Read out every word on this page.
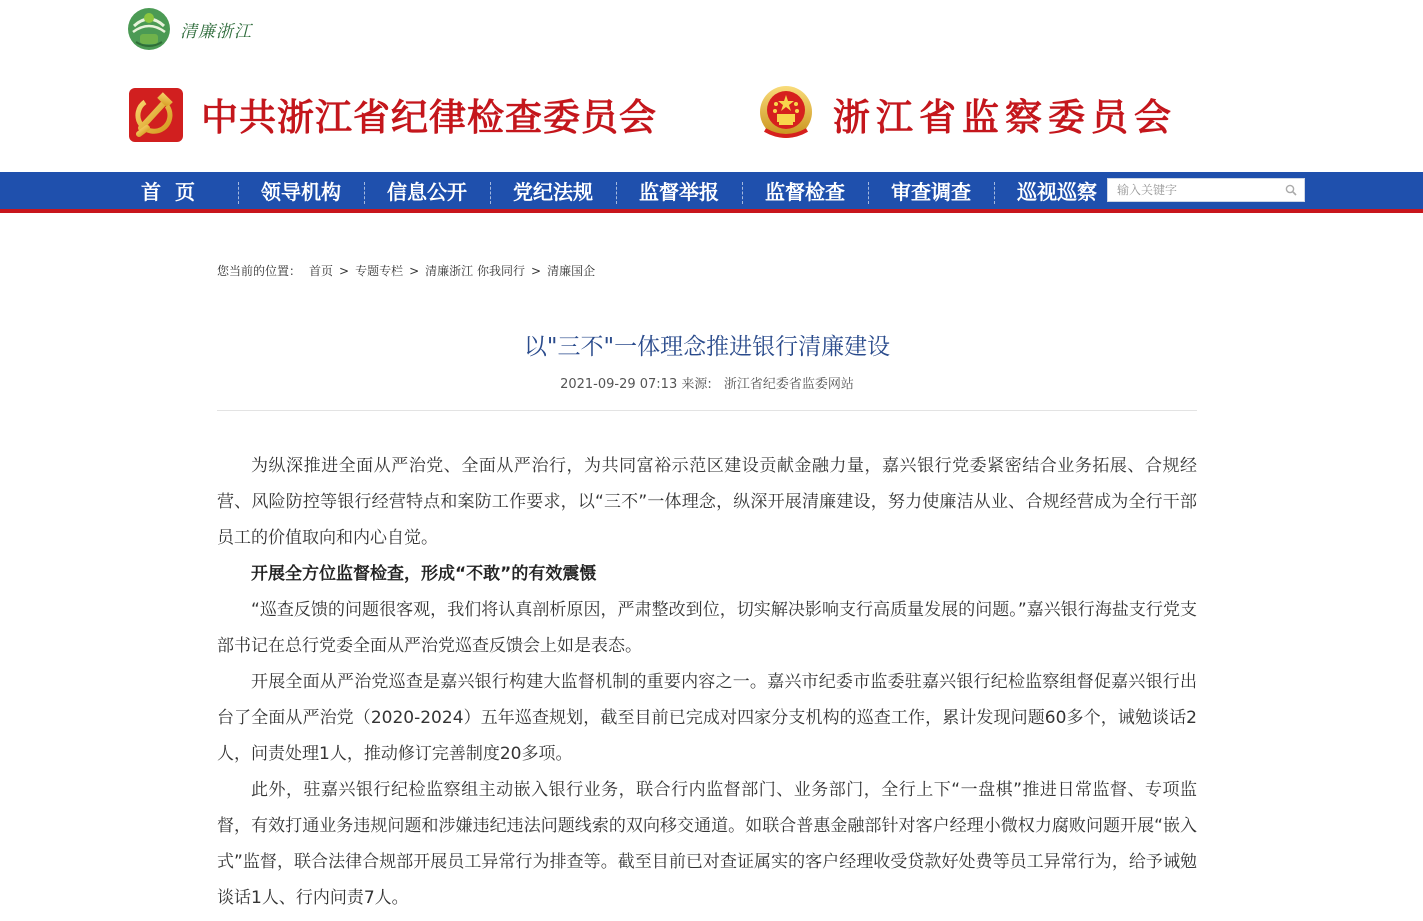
清廉浙江
中共浙江省纪律检查委员会	浙江省监察委员会
首页	领导机构	信息公开	党纪法规	监督举报	监督检查	审查调查	巡视巡察
输入关键字
您当前的位置： 首页 > 专题专栏 > 清廉浙江 你我同行 > 清廉国企
以"三不"一体理念推进银行清廉建设
2021-09-29 07:13 来源: 浙江省纪委省监委网站

为纵深推进全面从严治党、全面从严治行，为共同富裕示范区建设贡献金融力量，嘉兴银行党委紧密结合业务拓展、合规经营、风险防控等银行经营特点和案防工作要求，以“三不”一体理念，纵深开展清廉建设，努力使廉洁从业、合规经营成为全行干部员工的价值取向和内心自觉。

开展全方位监督检查，形成“不敢”的有效震慑

“巡查反馈的问题很客观，我们将认真剖析原因，严肃整改到位，切实解决影响支行高质量发展的问题。”嘉兴银行海盐支行党支部书记在总行党委全面从严治党巡查反馈会上如是表态。

开展全面从严治党巡查是嘉兴银行构建大监督机制的重要内容之一。嘉兴市纪委市监委驻嘉兴银行纪检监察组督促嘉兴银行出台了全面从严治党（2020-2024）五年巡查规划，截至目前已完成对四家分支机构的巡查工作，累计发现问题60多个，诫勉谈话2人，问责处理1人，推动修订完善制度20多项。

此外，驻嘉兴银行纪检监察组主动嵌入银行业务，联合行内监督部门、业务部门，全行上下“一盘棋”推进日常监督、专项监督，有效打通业务违规问题和涉嫌违纪违法问题线索的双向移交通道。如联合普惠金融部针对客户经理小微权力腐败问题开展“嵌入式”监督，联合法律合规部开展员工异常行为排查等。截至目前已对查证属实的客户经理收受贷款好处费等员工异常行为，给予诫勉谈话1人、行内问责7人。
